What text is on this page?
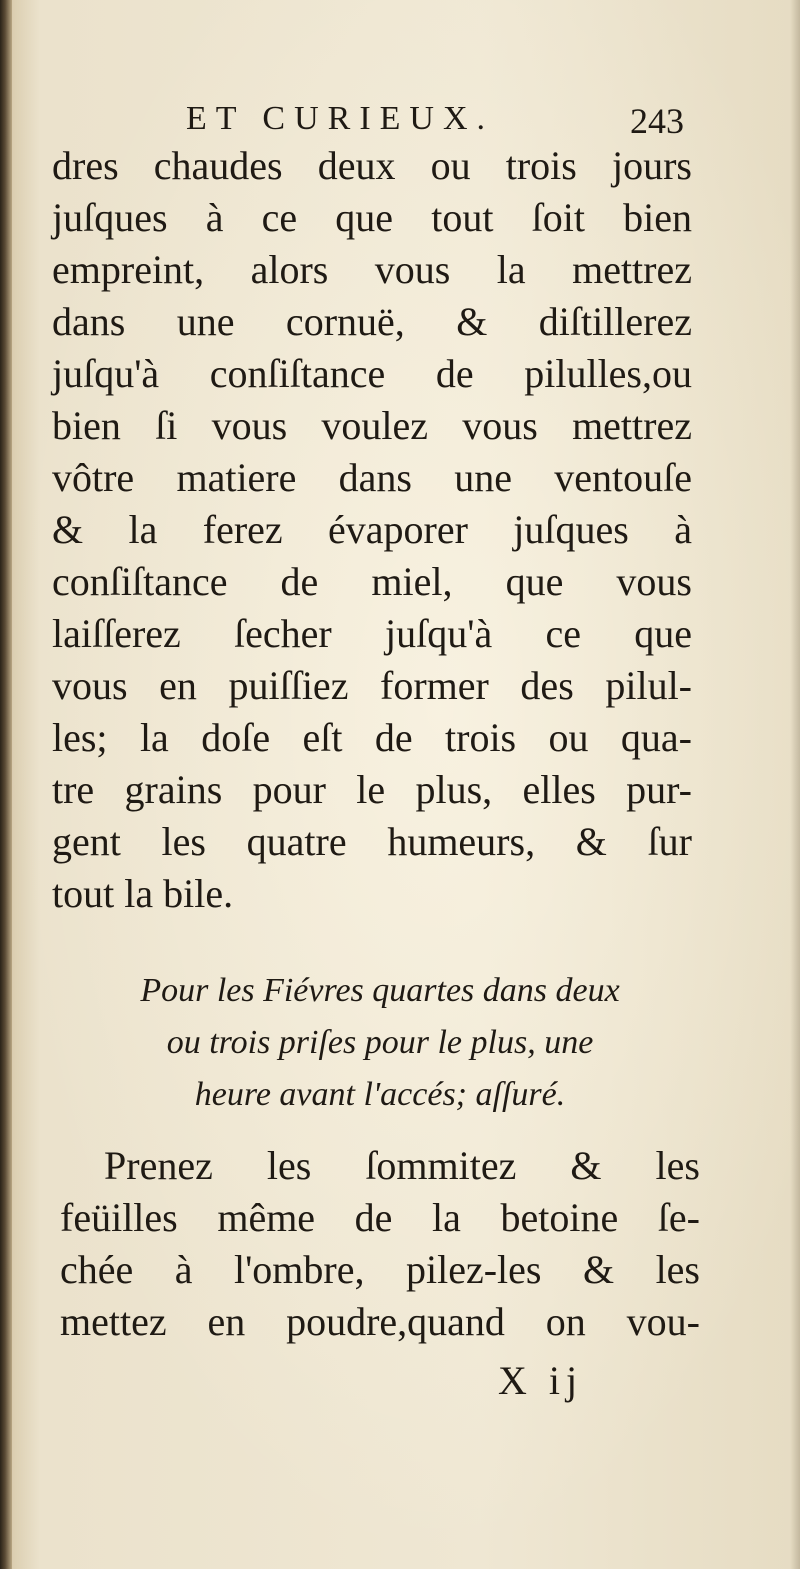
ET CURIEUX.	243
dres chaudes deux ou trois jours
juſques à ce que tout ſoit bien
empreint, alors vous la mettrez
dans une cornuë, & diſtillerez
juſqu'à conſiſtance de pilulles,ou
bien ſi vous voulez vous mettrez
vôtre matiere dans une ventouſe
& la ferez évaporer juſques à
conſiſtance de miel, que vous
laiſſerez ſecher juſqu'à ce que
vous en puiſſiez former des pilul-
les; la doſe eſt de trois ou qua-
tre grains pour le plus, elles pur-
gent les quatre humeurs, & ſur
tout la bile.
Pour les Fiévres quartes dans deux
ou trois priſes pour le plus, une
heure avant l'accés; aſſuré.
Prenez les ſommitez & les
feüilles même de la betoine ſe-
chée à l'ombre, pilez-les & les
mettez en poudre,quand on vou-
X ij
